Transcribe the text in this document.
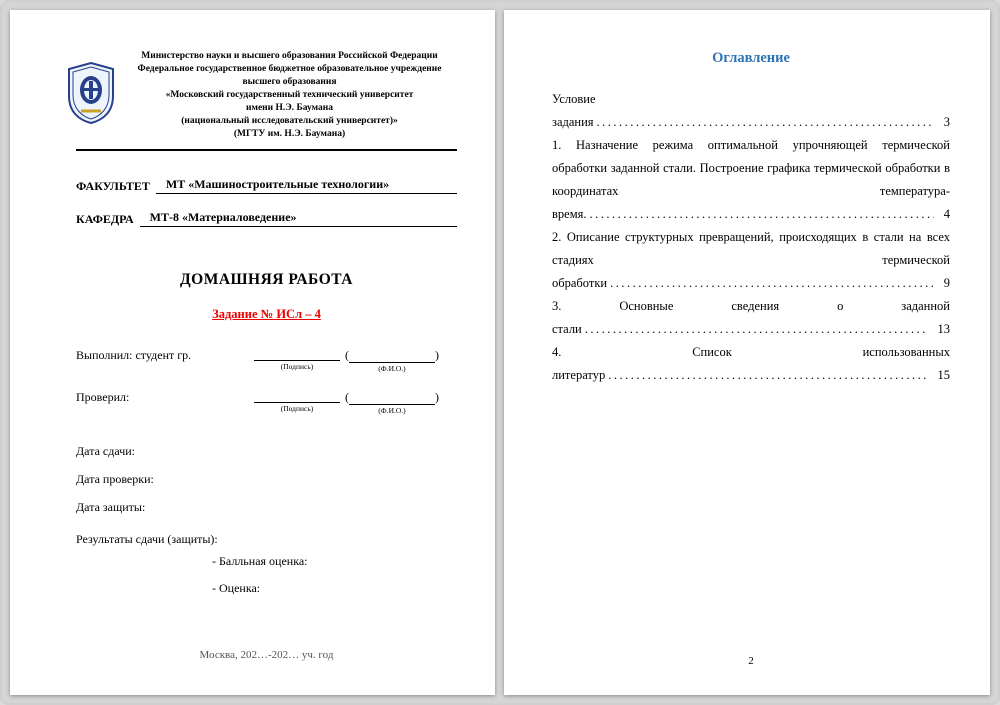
Министерство науки и высшего образования Российской Федерации
Федеральное государственное бюджетное образовательное учреждение
высшего образования
«Московский государственный технический университет
имени Н.Э. Баумана
(национальный исследовательский университет)»
(МГТУ им. Н.Э. Баумана)
ФАКУЛЬТЕТ	МТ «Машиностроительные технологии»
КАФЕДРА	МТ-8 «Материаловедение»
ДОМАШНЯЯ РАБОТА
Задание № ИСл – 4
Выполнил: студент гр.
(Подпись)
(	)
(Ф.И.О.)
Проверил:
(Подпись)
(	)
(Ф.И.О.)
Дата сдачи:
Дата проверки:
Дата защиты:
Результаты сдачи (защиты):
- Балльная оценка:
- Оценка:
Москва, 202…-202… уч. год
Оглавление
Условие задания .....	3
1. Назначение режима оптимальной упрочняющей термической обработки заданной стали. Построение графика термической обработки в координатах температура-время. .....	4
2. Описание структурных превращений, происходящих в стали на всех стадиях термической обработки .....	9
3. Основные сведения о заданной стали .....	13
4. Список использованных литератур .....	15
2
